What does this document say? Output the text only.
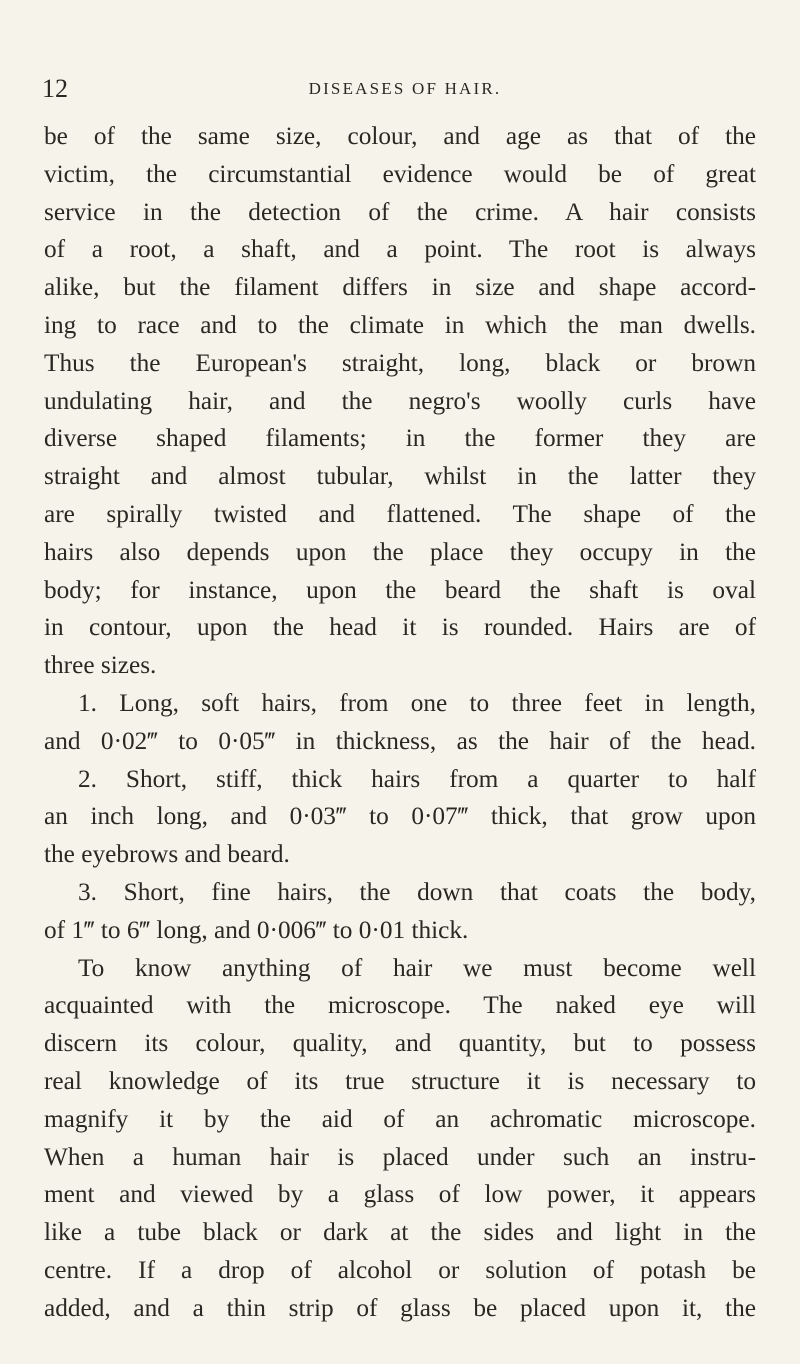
12	DISEASES OF HAIR.
be of the same size, colour, and age as that of the
victim, the circumstantial evidence would be of great
service in the detection of the crime. A hair consists
of a root, a shaft, and a point. The root is always
alike, but the filament differs in size and shape accord-
ing to race and to the climate in which the man dwells.
Thus the European's straight, long, black or brown
undulating hair, and the negro's woolly curls have
diverse shaped filaments; in the former they are
straight and almost tubular, whilst in the latter they
are spirally twisted and flattened. The shape of the
hairs also depends upon the place they occupy in the
body; for instance, upon the beard the shaft is oval
in contour, upon the head it is rounded. Hairs are of
three sizes.
1. Long, soft hairs, from one to three feet in length,
and 0·02‴ to 0·05‴ in thickness, as the hair of the head.
2. Short, stiff, thick hairs from a quarter to half
an inch long, and 0·03‴ to 0·07‴ thick, that grow upon
the eyebrows and beard.
3. Short, fine hairs, the down that coats the body,
of 1‴ to 6‴ long, and 0·006‴ to 0·01 thick.
To know anything of hair we must become well
acquainted with the microscope. The naked eye will
discern its colour, quality, and quantity, but to possess
real knowledge of its true structure it is necessary to
magnify it by the aid of an achromatic microscope.
When a human hair is placed under such an instru-
ment and viewed by a glass of low power, it appears
like a tube black or dark at the sides and light in the
centre. If a drop of alcohol or solution of potash be
added, and a thin strip of glass be placed upon it, the
